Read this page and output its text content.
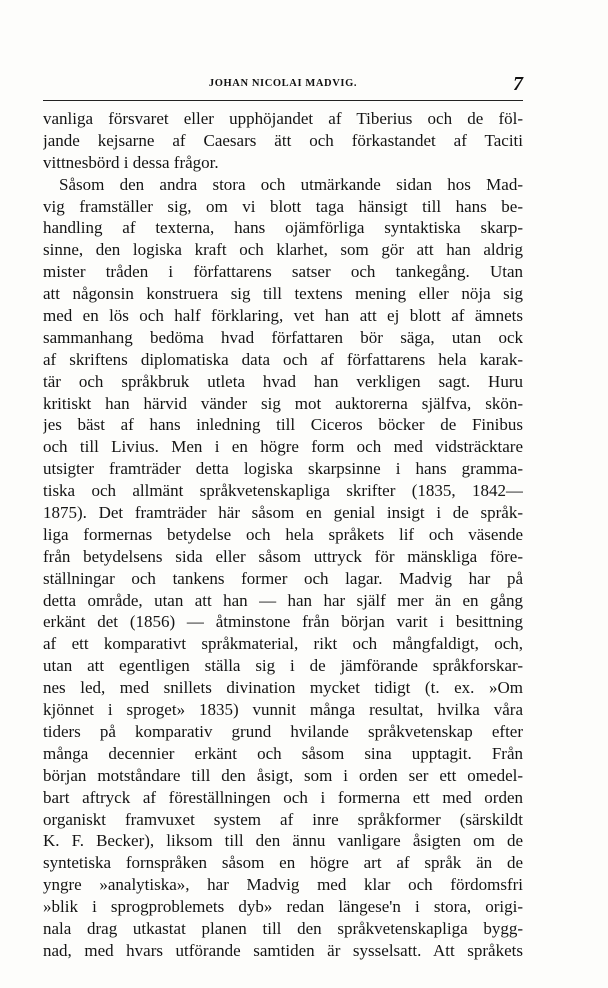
JOHAN NICOLAI MADVIG.	7
vanliga försvaret eller upphöjandet af Tiberius och de föl-
jande kejsarne af Caesars ätt och förkastandet af Taciti
vittnesbörd i dessa frågor.
Såsom den andra stora och utmärkande sidan hos Mad-
vig framställer sig, om vi blott taga hänsigt till hans be-
handling af texterna, hans ojämförliga syntaktiska skarp-
sinne, den logiska kraft och klarhet, som gör att han aldrig
mister tråden i författarens satser och tankegång. Utan
att någonsin konstruera sig till textens mening eller nöja sig
med en lös och half förklaring, vet han att ej blott af ämnets
sammanhang bedöma hvad författaren bör säga, utan ock
af skriftens diplomatiska data och af författarens hela karak-
tär och språkbruk utleta hvad han verkligen sagt. Huru
kritiskt han härvid vänder sig mot auktorerna själfva, skön-
jes bäst af hans inledning till Ciceros böcker de Finibus
och till Livius. Men i en högre form och med vidsträcktare
utsigter framträder detta logiska skarpsinne i hans gramma-
tiska och allmänt språkvetenskapliga skrifter (1835, 1842—
1875). Det framträder här såsom en genial insigt i de språk-
liga formernas betydelse och hela språkets lif och väsende
från betydelsens sida eller såsom uttryck för mänskliga före-
ställningar och tankens former och lagar. Madvig har på
detta område, utan att han — han har själf mer än en gång
erkänt det (1856) — åtminstone från början varit i besittning
af ett komparativt språkmaterial, rikt och mångfaldigt, och,
utan att egentligen ställa sig i de jämförande språkforskar-
nes led, med snillets divination mycket tidigt (t. ex. »Om
kjönnet i sproget» 1835) vunnit många resultat, hvilka våra
tiders på komparativ grund hvilande språkvetenskap efter
många decennier erkänt och såsom sina upptagit. Från
början motståndare till den åsigt, som i orden ser ett omedel-
bart aftryck af föreställningen och i formerna ett med orden
organiskt framvuxet system af inre språkformer (särskildt
K. F. Becker), liksom till den ännu vanligare åsigten om de
syntetiska fornspråken såsom en högre art af språk än de
yngre »analytiska», har Madvig med klar och fördomsfri
»blik i sprogproblemets dyb» redan längese'n i stora, origi-
nala drag utkastat planen till den språkvetenskapliga bygg-
nad, med hvars utförande samtiden är sysselsatt. Att språkets
